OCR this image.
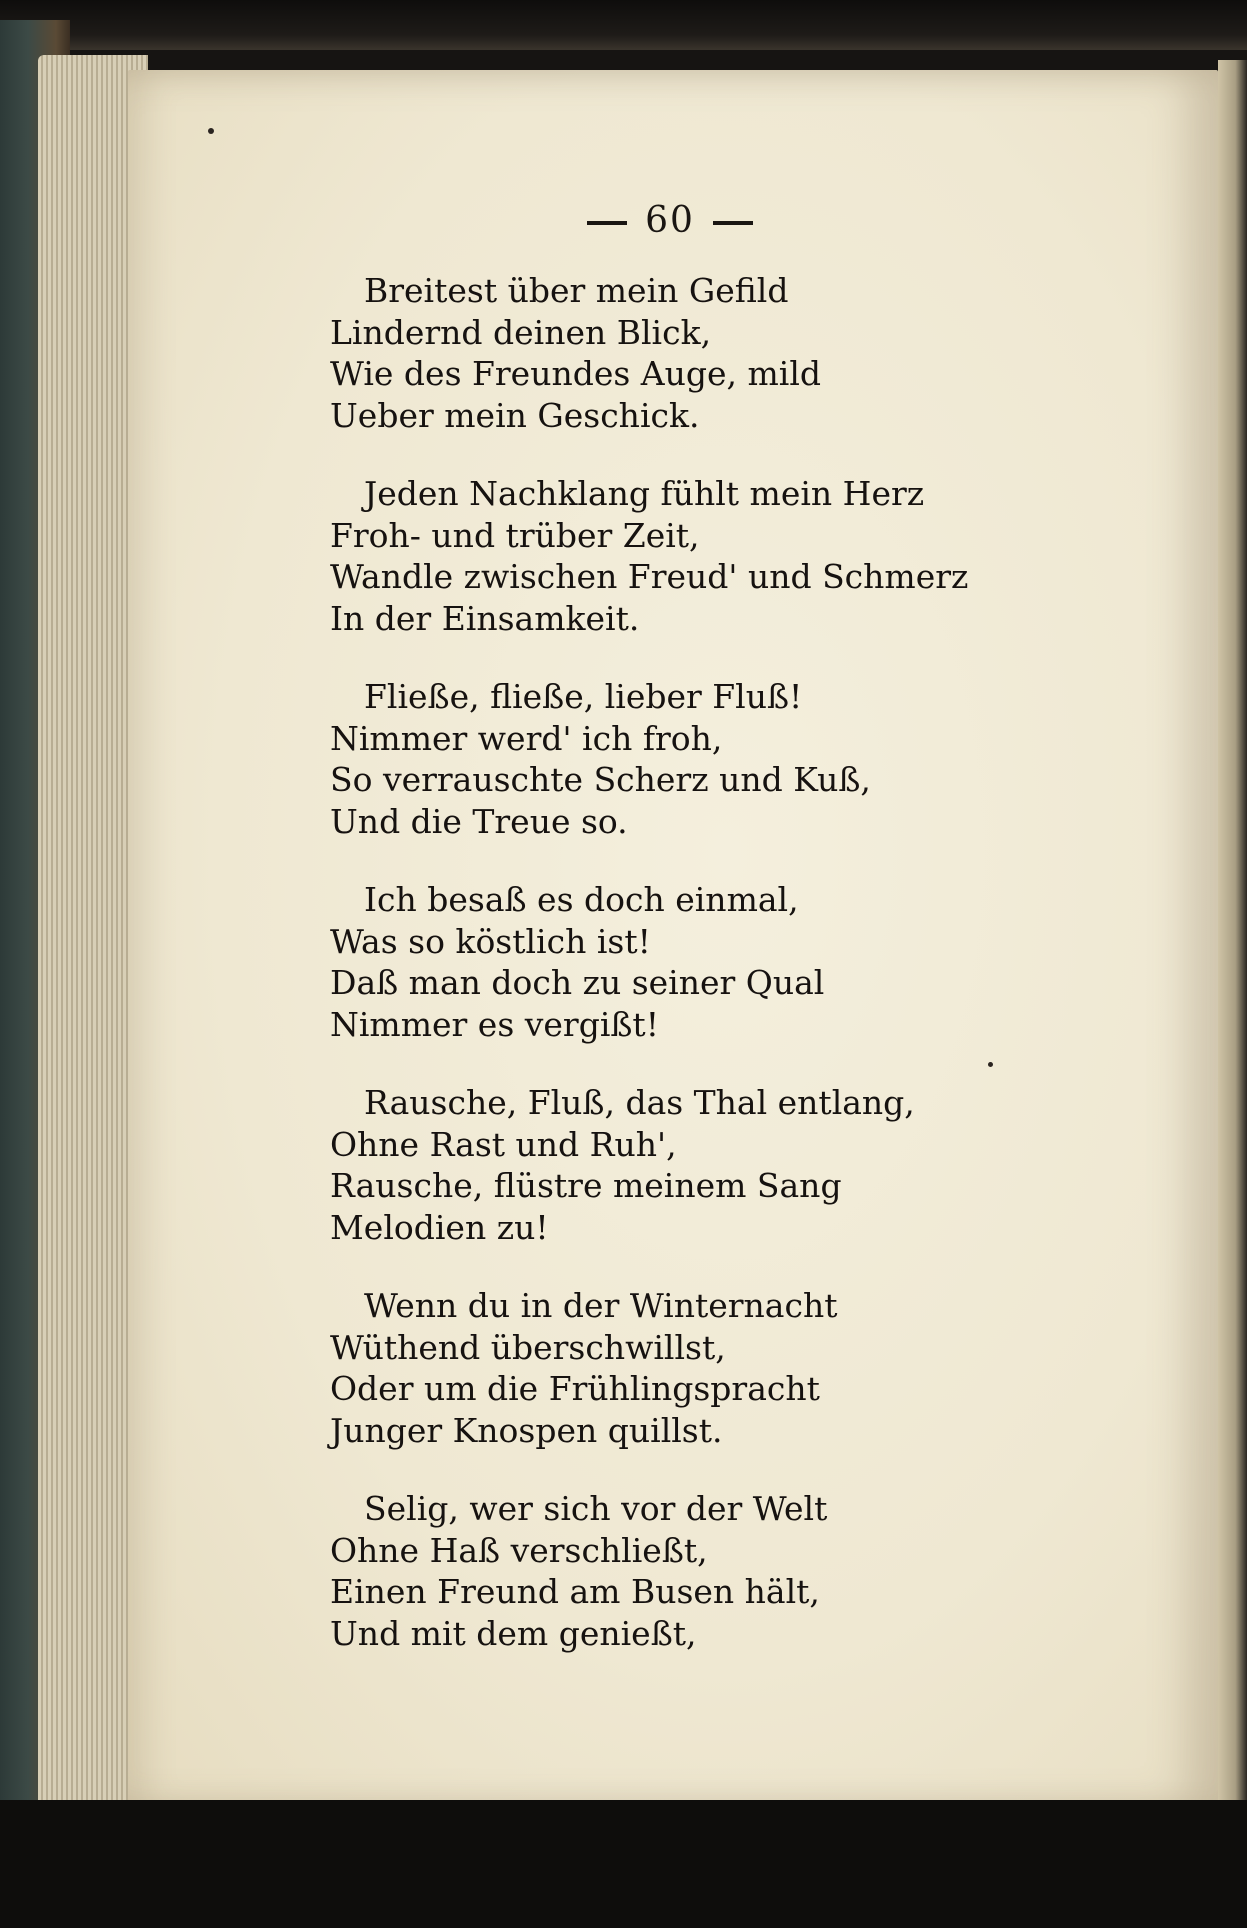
60
Breitest über mein Gefild
Lindernd deinen Blick,
Wie des Freundes Auge, mild
Ueber mein Geschick.
Jeden Nachklang fühlt mein Herz
Froh- und trüber Zeit,
Wandle zwischen Freud' und Schmerz
In der Einsamkeit.
Fließe, fließe, lieber Fluß!
Nimmer werd' ich froh,
So verrauschte Scherz und Kuß,
Und die Treue so.
Ich besaß es doch einmal,
Was so köstlich ist!
Daß man doch zu seiner Qual
Nimmer es vergißt!
Rausche, Fluß, das Thal entlang,
Ohne Rast und Ruh',
Rausche, flüstre meinem Sang
Melodien zu!
Wenn du in der Winternacht
Wüthend überschwillst,
Oder um die Frühlingspracht
Junger Knospen quillst.
Selig, wer sich vor der Welt
Ohne Haß verschließt,
Einen Freund am Busen hält,
Und mit dem genießt,
